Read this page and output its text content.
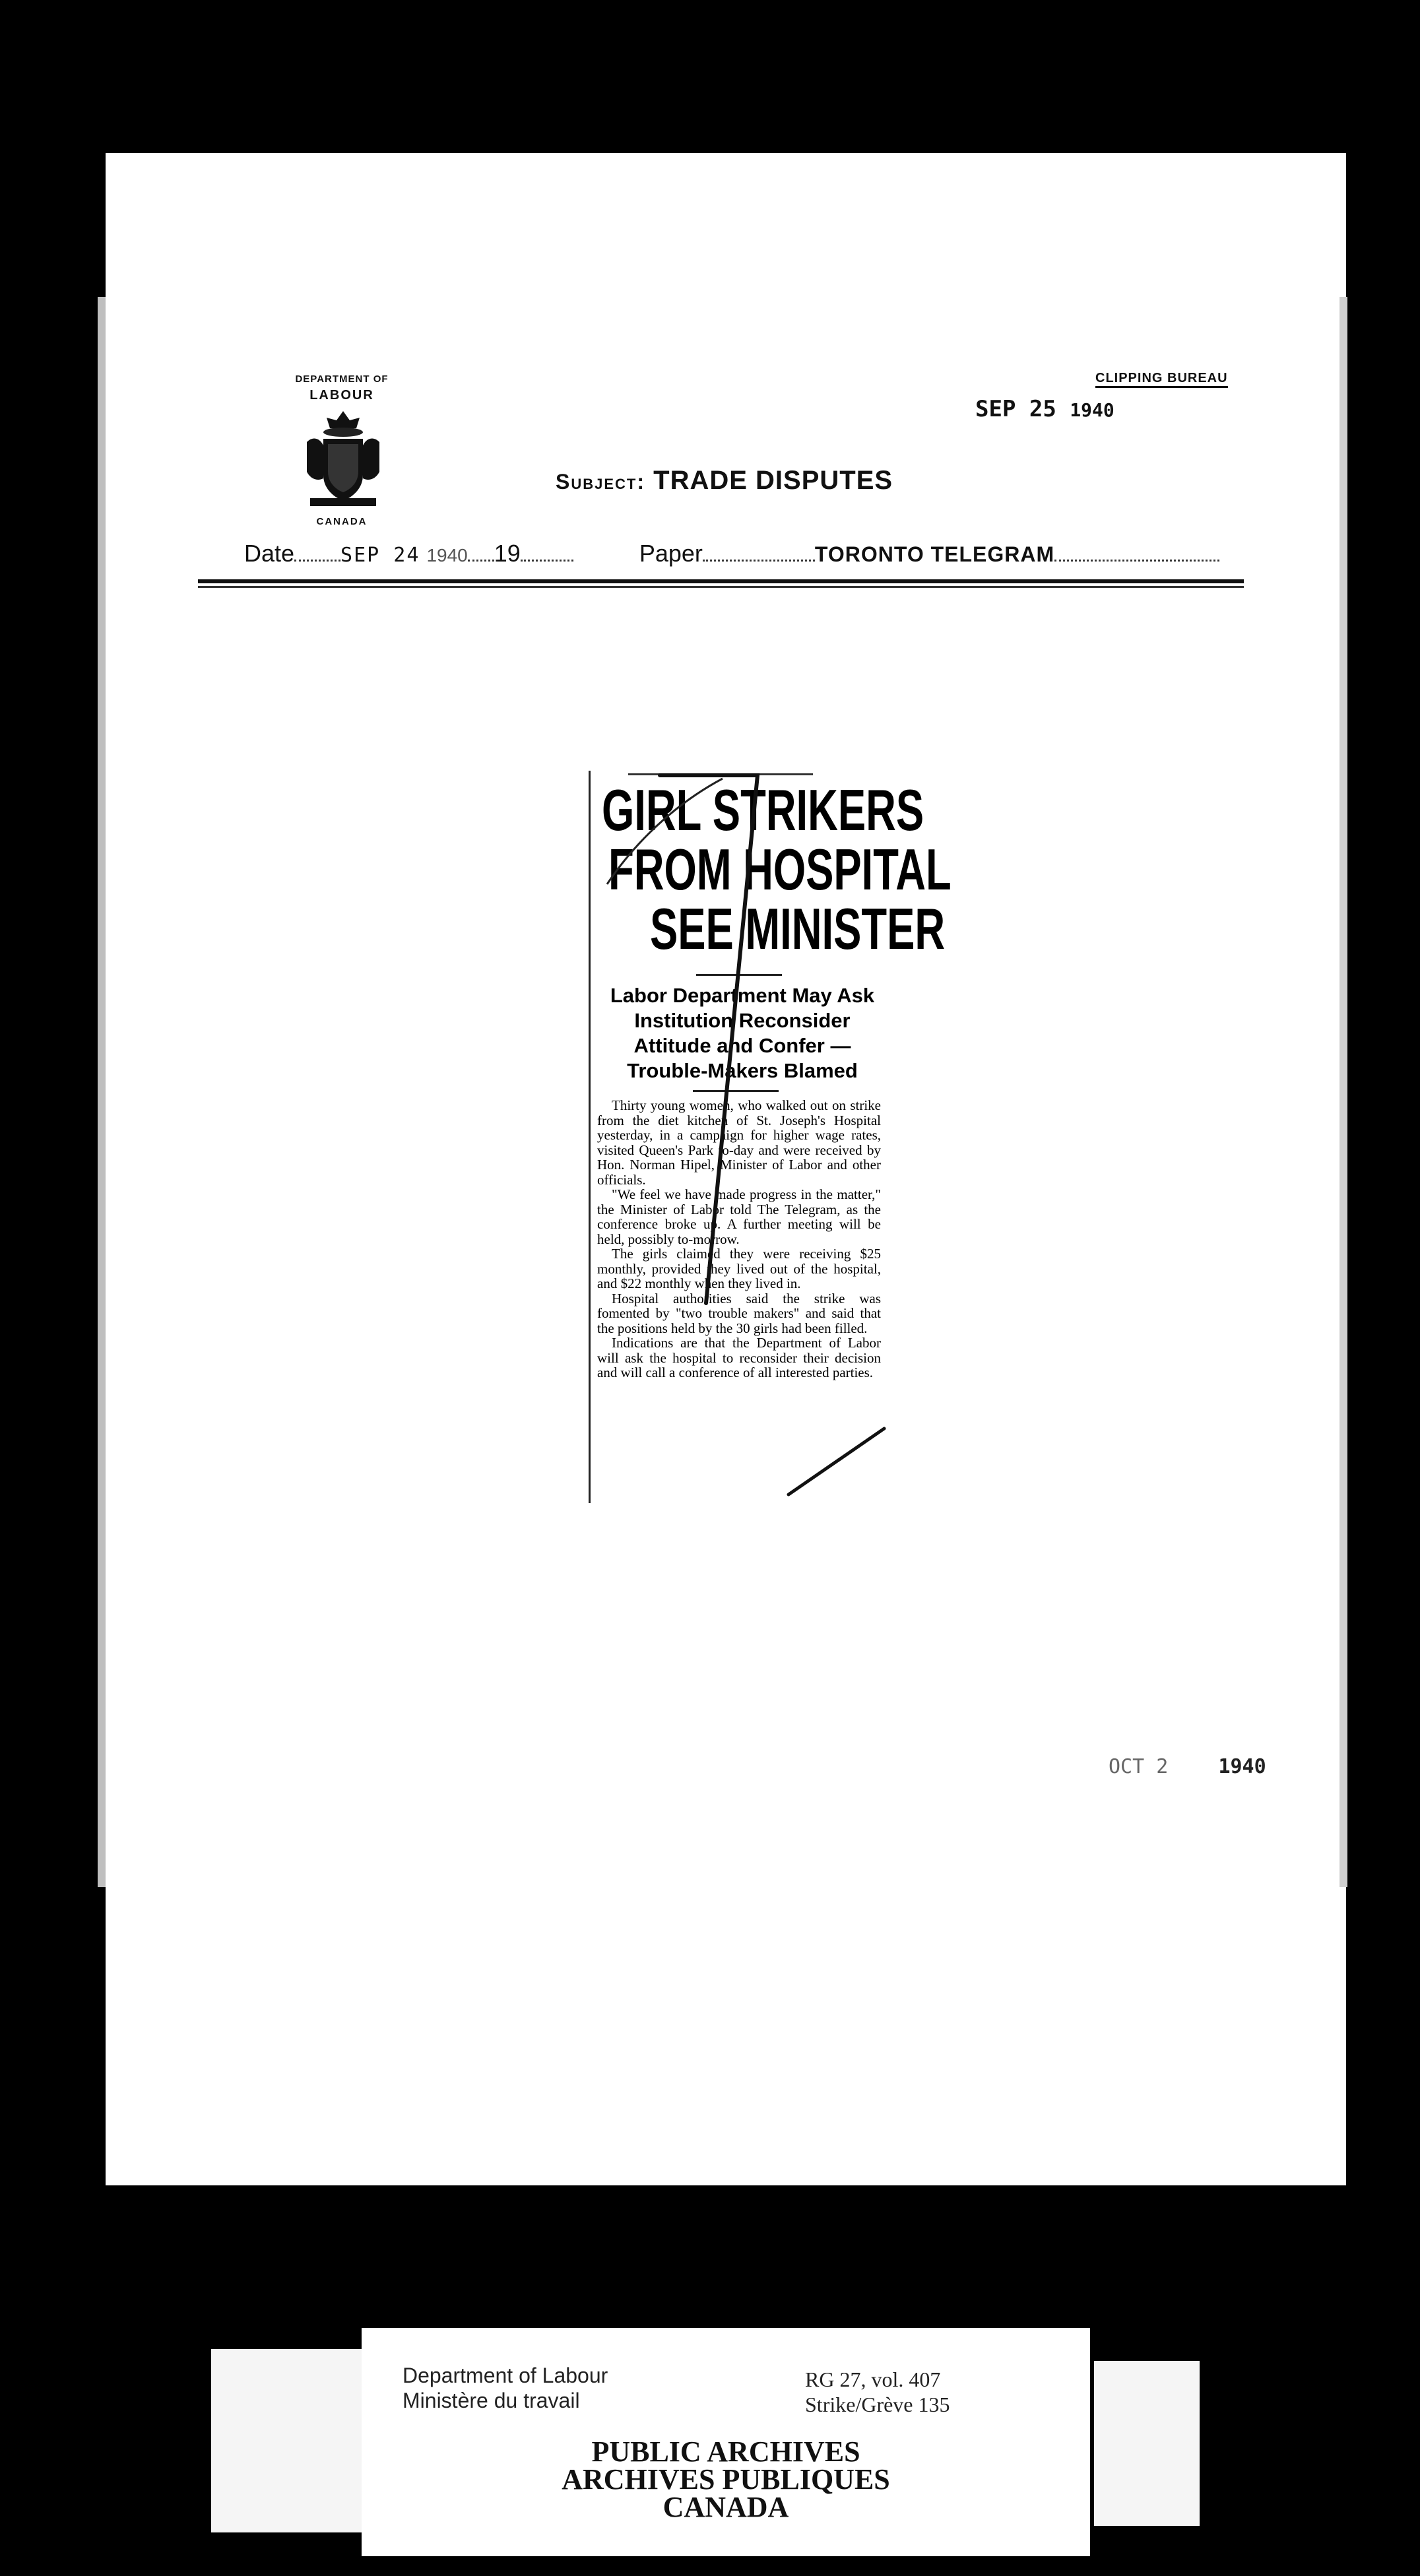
DEPARTMENT OF
LABOUR
CANADA
CLIPPING BUREAU
SEP 25 1940
Subject: TRADE DISPUTES
Date SEP 24 1940 19	Paper	TORONTO TELEGRAM
GIRL STRIKERS
FROM HOSPITAL
SEE MINISTER
Labor Department May Ask Institution Reconsider Attitude and Confer — Trouble-Makers Blamed

Thirty young women, who walked out on strike from the diet kitchen of St. Joseph's Hospital yesterday, in a campaign for higher wage rates, visited Queen's Park to-day and were received by Hon. Norman Hipel, Minister of Labor and other officials.

"We feel we have made progress in the matter," the Minister of Labor told The Telegram, as the conference broke up. A further meeting will be held, possibly to-morrow.

The girls claimed they were receiving $25 monthly, provided they lived out of the hospital, and $22 monthly when they lived in.

Hospital authorities said the strike was fomented by "two trouble makers" and said that the positions held by the 30 girls had been filled.

Indications are that the Department of Labor will ask the hospital to reconsider their decision and will call a conference of all interested parties.

OCT 2	1940
Department of Labour
Ministère du travail
RG 27, vol. 407
Strike/Grève 135
PUBLIC ARCHIVES
ARCHIVES PUBLIQUES
CANADA
